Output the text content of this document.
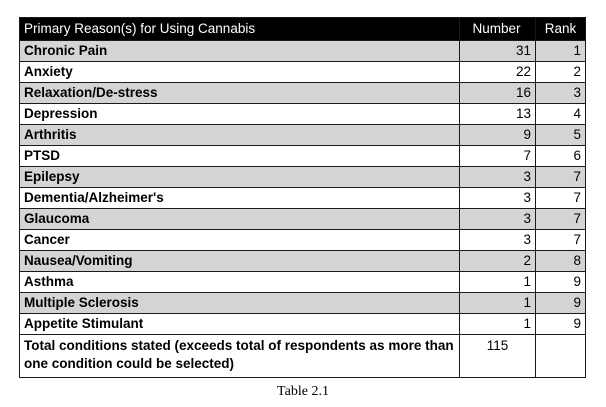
Primary Reason(s) for Using Cannabis	Number	Rank
Chronic Pain	31	1
Anxiety	22	2
Relaxation/De-stress	16	3
Depression	13	4
Arthritis	9	5
PTSD	7	6
Epilepsy	3	7
Dementia/Alzheimer's	3	7
Glaucoma	3	7
Cancer	3	7
Nausea/Vomiting	2	8
Asthma	1	9
Multiple Sclerosis	1	9
Appetite Stimulant	1	9
Total conditions stated (exceeds total of respondents as more than one condition could be selected)	115	
Table 2.1
